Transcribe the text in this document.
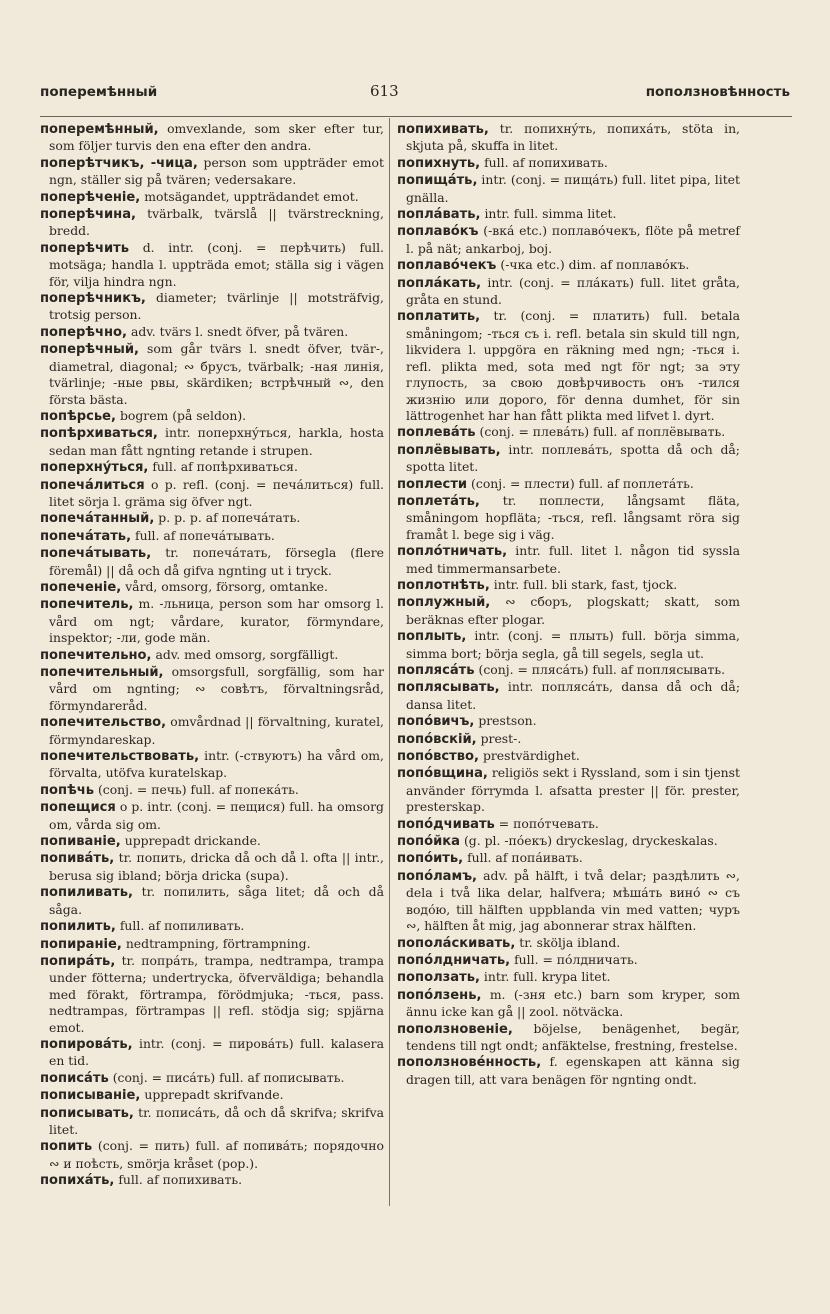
поперемѣнный	613	поползновѣнность

поперемѣнный, omvexlande, som sker efter tur, som följer turvis den ena efter den andra.

поперѣтчикъ, -чица, person som uppträder emot ngn, ställer sig på tvären; vedersakare.

поперѣченіе, motsägandet, uppträdandet emot.

поперѣчина, tvärbalk, tvärslå || tvärstreckning, bredd.

поперѣчить d. intr. (conj. = перѣчить) full. motsäga; handla l. uppträda emot; ställa sig i vägen för, vilja hindra ngn.

поперѣчникъ, diameter; tvärlinje || motsträfvig, trotsig person.

поперѣчно, adv. tvärs l. snedt öfver, på tvären.

поперѣчный, som går tvärs l. snedt öfver, tvär-, diametral, diagonal; ∾ брусъ, tvärbalk; -ная линія, tvärlinje; -ные рвы, skärdiken; встрѣчный ∾, den första bästa.

попѣрсье, bogrem (på seldon).

попѣрхиваться, intr. поперхнýться, harkla, hosta sedan man fått ngnting retande i strupen.

поперхнýться, full. af попѣрхиваться.

попечáлиться o p. refl. (conj. = печáлиться) full. litet sörja l. gräma sig öfver ngt.

попечáтанный, p. p. p. af попечáтать.

попечáтать, full. af попечáтывать.

попечáтывать, tr. попечáтать, försegla (flere föremål) || då och då gifva ngnting ut i tryck.

попеченіе, vård, omsorg, försorg, omtanke.

попечитель, m. -льница, person som har omsorg l. vård om ngt; vårdare, kurator, förmyndare, inspektor; -ли, gode män.

попечительно, adv. med omsorg, sorgfälligt.

попечительный, omsorgsfull, sorgfällig, som har vård om ngnting; ∾ совѣтъ, förvaltningsråd, förmyndareråd.

попечительство, omvårdnad || förvaltning, kuratel, förmyndareskap.

попечительствовать, intr. (-ствуютъ) ha vård om, förvalta, utöfva kuratelskap.

попѣчь (conj. = печь) full. af попекáть.

попещися o p. intr. (conj. = пещися) full. ha omsorg om, vårda sig om.

попиваніе, upprepadt drickande.

попивáть, tr. попить, dricka då och då l. ofta || intr., berusa sig ibland; börja dricka (supa).

попиливать, tr. попилить, såga litet; då och då såga.

попилить, full. af попиливать.

попираніе, nedtrampning, förtrampning.

попирáть, tr. попрáть, trampa, nedtrampa, trampa under fötterna; undertrycka, öfverväldiga; behandla med förakt, förtrampa, förödmjuka; -ться, pass. nedtrampas, förtrampas || refl. stödja sig; spjärna emot.

попировáть, intr. (conj. = пировáть) full. kalasera en tid.

пописáть (conj. = писáть) full. af пописывать.

пописываніе, upprepadt skrifvande.

пописывать, tr. пописáть, då och då skrifva; skrifva litet.

попить (conj. = пить) full. af попивáть; порядочно ∾ и поѣсть, smörja kråset (pop.).

попихáть, full. af попихивать.

попихивать, tr. попихнýть, попихáть, stöta in, skjuta på, skuffa in litet.

попихнуть, full. af попихивать.

попищáть, intr. (conj. = пищáть) full. litet pipa, litet gnälla.

поплáвать, intr. full. simma litet.

поплавóкъ (-вкá etc.) поплавóчекъ, flöte på metref l. på nät; ankarboj, boj.

поплавóчекъ (-чка etc.) dim. af поплавóкъ.

поплáкать, intr. (conj. = плáкать) full. litet gråta, gråta en stund.

поплатить, tr. (conj. = платить) full. betala småningom; -ться съ i. refl. betala sin skuld till ngn, likvidera l. uppgöra en räkning med ngn; -ться i. refl. plikta med, sota med ngt för ngt; за эту глупость, за свою довѣрчивость онъ -тился жизнію или дорого, för denna dumhet, för sin lättrogenhet har han fått plikta med lifvet l. dyrt.

поплевáть (conj. = плевáть) full. af поплёвывать.

поплёвывать, intr. поплевáть, spotta då och då; spotta litet.

поплести (conj. = плести) full. af поплетáть.

поплетáть, tr. поплести, långsamt fläta, småningom hopfläta; -ться, refl. långsamt röra sig framåt l. bege sig i väg.

поплóтничать, intr. full. litet l. någon tid syssla med timmermansarbete.

поплотнѣть, intr. full. bli stark, fast, tjock.

поплужный, ∾ сборъ, plogskatt; skatt, som beräknas efter plogar.

поплыть, intr. (conj. = плыть) full. börja simma, simma bort; börja segla, gå till segels, segla ut.

поплясáть (conj. = плясáть) full. af поплясывать.

поплясывать, intr. поплясáть, dansa då och då; dansa litet.

попóвичъ, prestson.

попóвскій, prest-.

попóвство, prestvärdighet.

попóвщина, religiös sekt i Ryssland, som i sin tjenst använder förrymda l. afsatta prester || för. prester, presterskap.

попóдчивать = попóтчевать.

попóйка (g. pl. -пóекъ) dryckeslag, dryckeskalas.

попóить, full. af попáивать.

попóламъ, adv. på hälft, i två delar; раздѣлить ∾, dela i två lika delar, halfvera; мѣшáть винó ∾ съ водóю, till hälften uppblanda vin med vatten; чуръ ∾, hälften åt mig, jag abonnerar strax hälften.

пополáскивать, tr. skölja ibland.

попóлдничать, full. = пóлдничать.

поползать, intr. full. krypa litet.

попóлзень, m. (-зня etc.) barn som kryper, som ännu icke kan gå || zool. nötväcka.

поползновеніе, böjelse, benägenhet, begär, tendens till ngt ondt; anfäktelse, frestning, frestelse.

поползновéнность, f. egenskapen att känna sig dragen till, att vara benägen för ngnting ondt.
